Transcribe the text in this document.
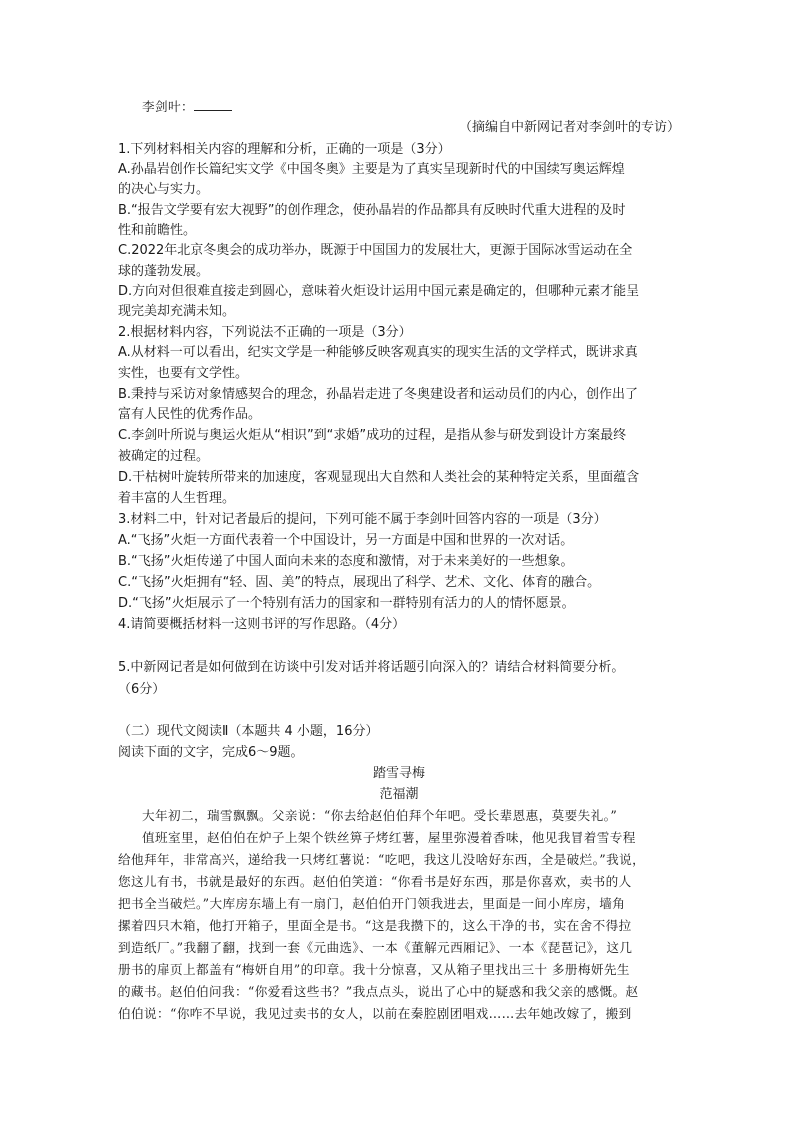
李剑叶：
（摘编自中新网记者对李剑叶的专访）
1.下列材料相关内容的理解和分析，正确的一项是（3分）
A.孙晶岩创作长篇纪实文学《中国冬奥》主要是为了真实呈现新时代的中国续写奥运辉煌
的决心与实力。
B.“报告文学要有宏大视野”的创作理念，使孙晶岩的作品都具有反映时代重大进程的及时
性和前瞻性。
C.2022年北京冬奥会的成功举办，既源于中国国力的发展壮大，更源于国际冰雪运动在全
球的蓬勃发展。
D.方向对但很难直接走到圆心，意味着火炬设计运用中国元素是确定的，但哪种元素才能呈
现完美却充满未知。
2.根据材料内容，下列说法不正确的一项是（3分）
A.从材料一可以看出，纪实文学是一种能够反映客观真实的现实生活的文学样式，既讲求真
实性，也要有文学性。
B.秉持与采访对象情感契合的理念，孙晶岩走进了冬奥建设者和运动员们的内心，创作出了
富有人民性的优秀作品。
C.李剑叶所说与奥运火炬从“相识”到“求婚”成功的过程，是指从参与研发到设计方案最终
被确定的过程。
D.干枯树叶旋转所带来的加速度，客观显现出大自然和人类社会的某种特定关系，里面蕴含
着丰富的人生哲理。
3.材料二中，针对记者最后的提问，下列可能不属于李剑叶回答内容的一项是（3分）
A.“飞扬”火炬一方面代表着一个中国设计，另一方面是中国和世界的一次对话。
B.“飞扬”火炬传递了中国人面向未来的态度和激情，对于未来美好的一些想象。
C.“飞扬”火炬拥有“轻、固、美”的特点，展现出了科学、艺术、文化、体育的融合。
D.“飞扬”火炬展示了一个特别有活力的国家和一群特别有活力的人的情怀愿景。
4.请简要概括材料一这则书评的写作思路。（4分）
5.中新网记者是如何做到在访谈中引发对话并将话题引向深入的？请结合材料简要分析。
（6分）
（二）现代文阅读Ⅱ（本题共 4 小题，16分）
阅读下面的文字，完成6～9题。
踏雪寻梅
范福潮
大年初二，瑞雪飘飘。父亲说：“你去给赵伯伯拜个年吧。受长辈恩惠，莫要失礼。”
值班室里，赵伯伯在炉子上架个铁丝箅子烤红薯，屋里弥漫着香味，他见我冒着雪专程
给他拜年，非常高兴，递给我一只烤红薯说：“吃吧，我这儿没啥好东西，全是破烂。”我说，
您这儿有书，书就是最好的东西。赵伯伯笑道：“你看书是好东西，那是你喜欢，卖书的人
把书全当破烂。”大库房东墙上有一扇门，赵伯伯开门领我进去，里面是一间小库房，墙角
摞着四只木箱，他打开箱子，里面全是书。“这是我攒下的，这么干净的书，实在舍不得拉
到造纸厂。”我翻了翻，找到一套《元曲选》、一本《董解元西厢记》、一本《琵琶记》，这几
册书的扉页上都盖有“梅妍自用”的印章。我十分惊喜，又从箱子里找出三十 多册梅妍先生
的藏书。赵伯伯问我：“你爱看这些书？”我点点头，说出了心中的疑惑和我父亲的感慨。赵
伯伯说：“你咋不早说，我见过卖书的女人，以前在秦腔剧团唱戏……去年她改嫁了，搬到
